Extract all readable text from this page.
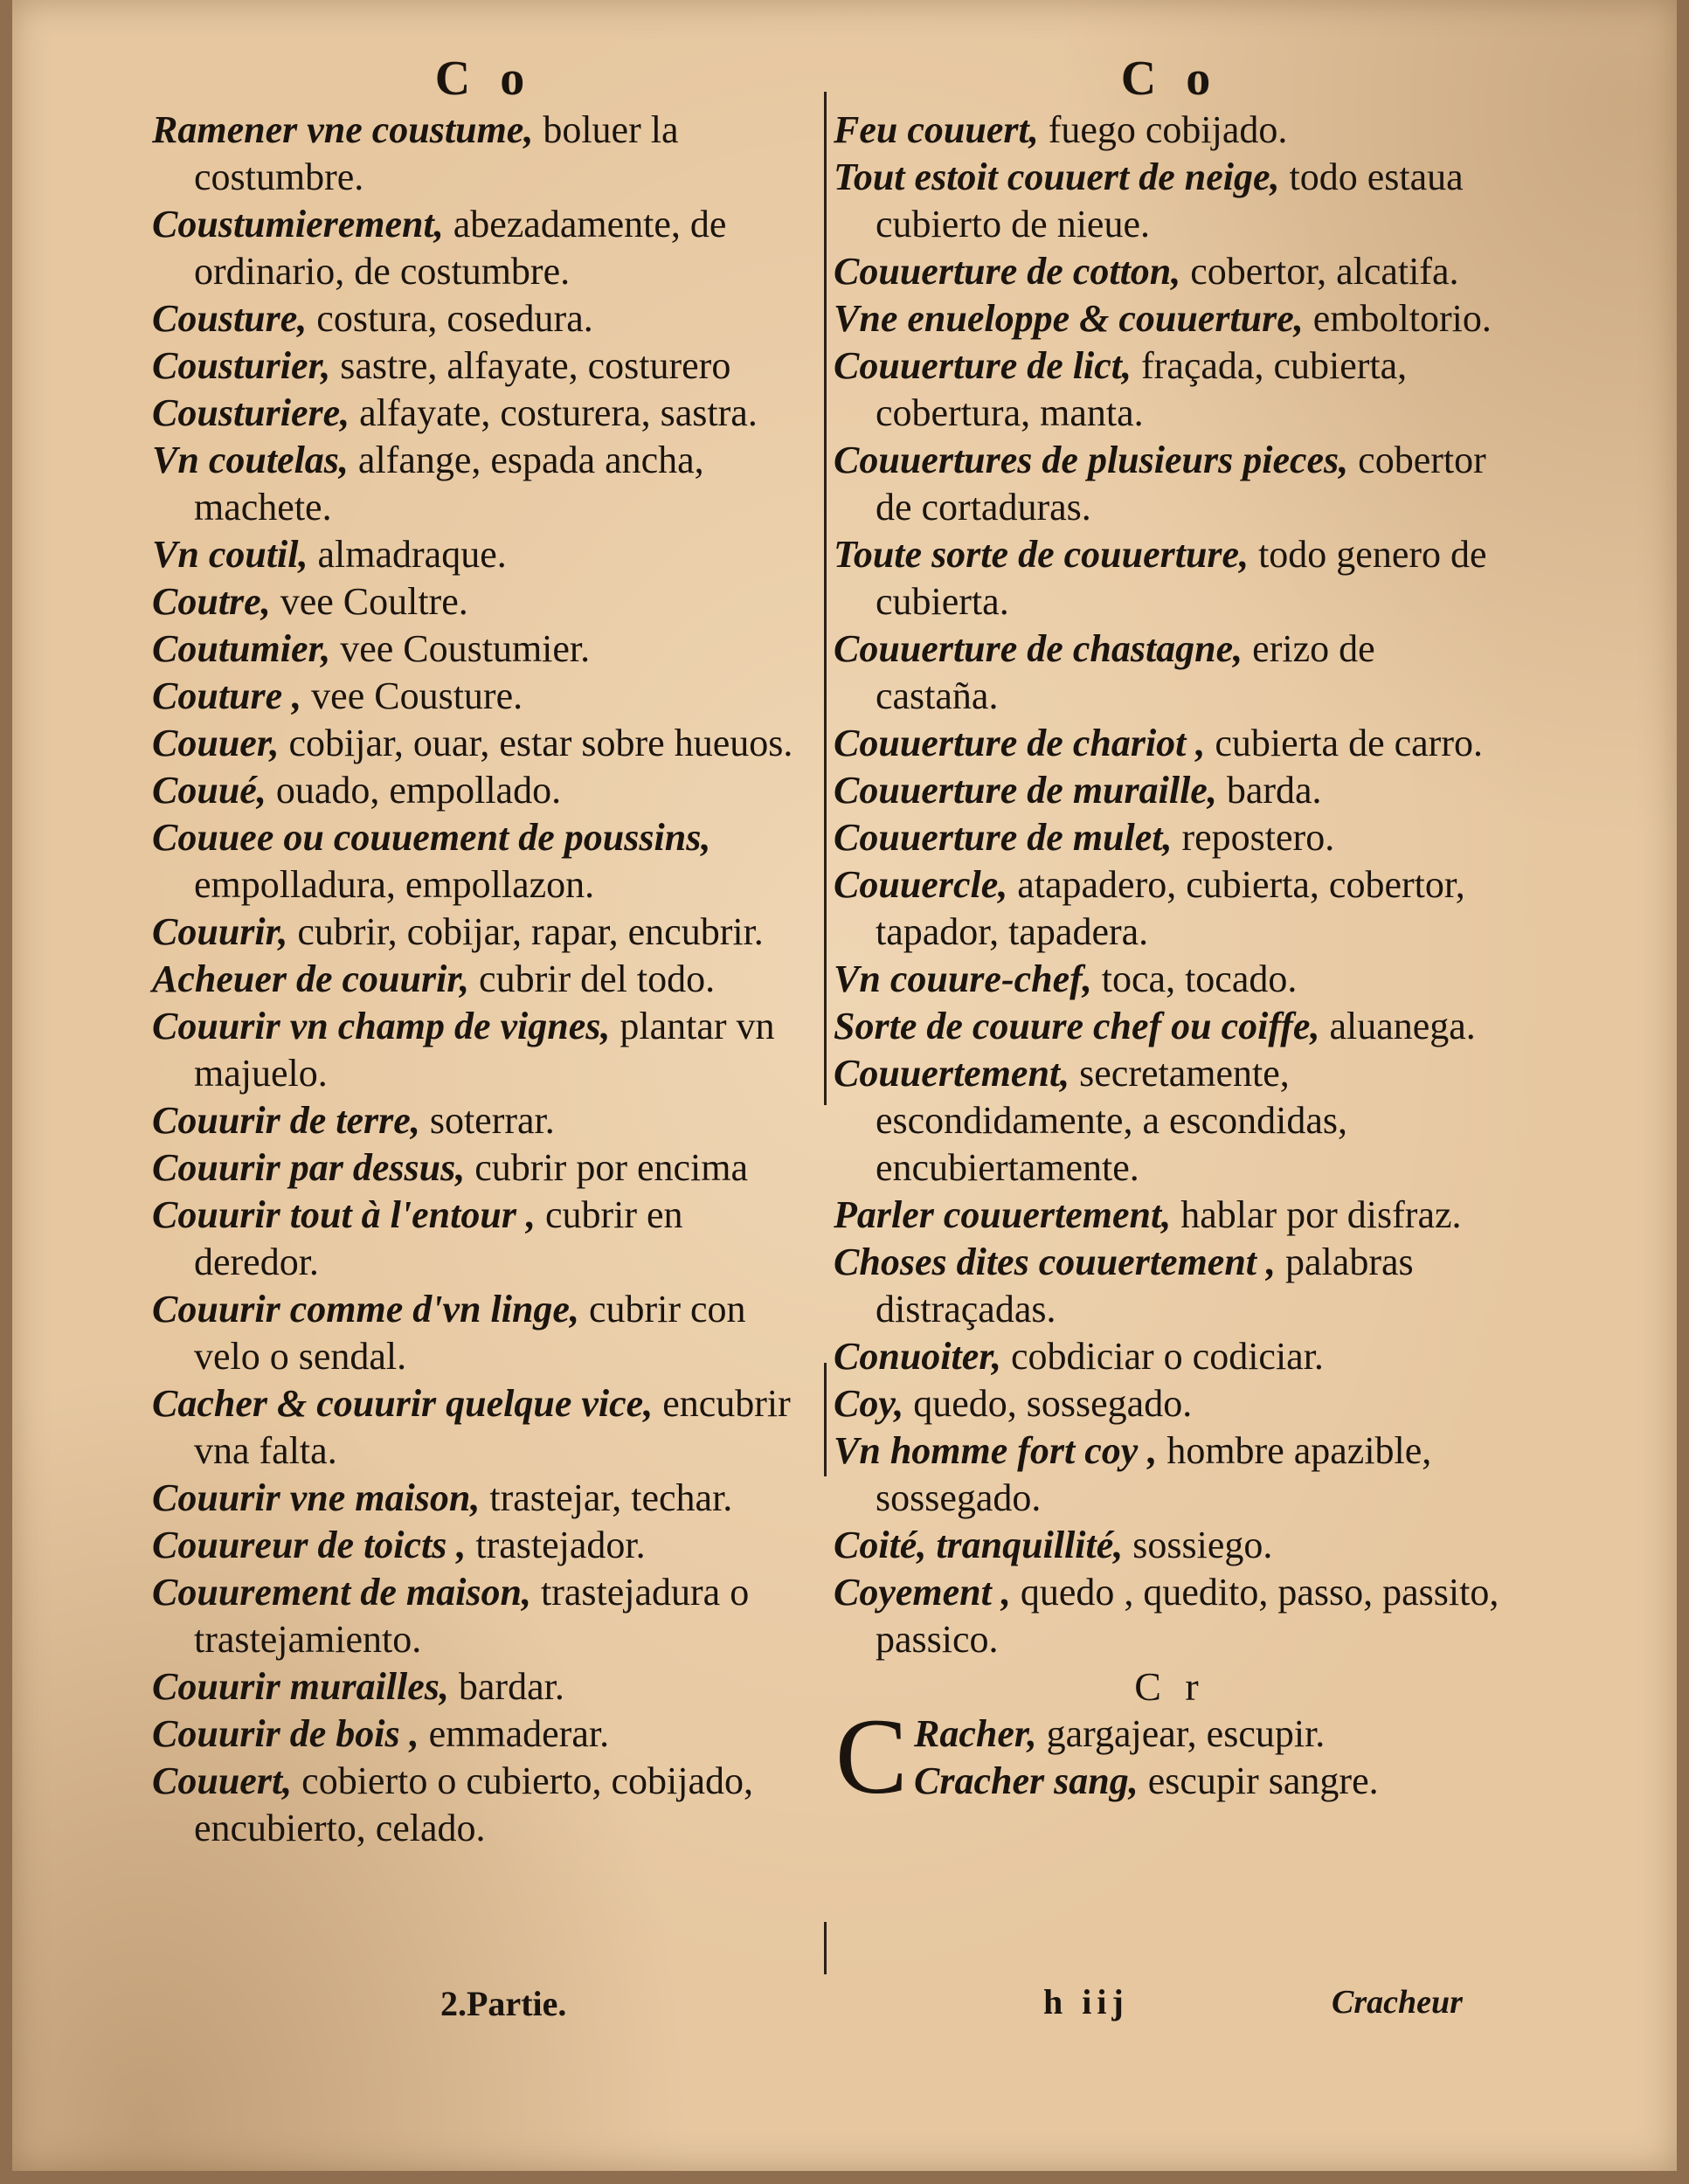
C o
Ramener vne coustume, boluer la costumbre.
Coustumierement, abezadamente, de ordinario, de costumbre.
Cousture, costura, cosedura.
Cousturier, sastre, alfayate, costurero
Cousturiere, alfayate, costurera, sastra.
Vn coutelas, alfange, espada ancha, machete.
Vn coutil, almadraque.
Coutre, vee Coultre.
Coutumier, vee Coustumier.
Couture , vee Cousture.
Couuer, cobijar, ouar, estar sobre hueuos.
Couué, ouado, empollado.
Couuee ou couuement de poussins, empolladura, empollazon.
Couurir, cubrir, cobijar, rapar, encubrir.
Acheuer de couurir, cubrir del todo.
Couurir vn champ de vignes, plantar vn majuelo.
Couurir de terre, soterrar.
Couurir par dessus, cubrir por encima
Couurir tout à l'entour , cubrir en deredor.
Couurir comme d'vn linge, cubrir con velo o sendal.
Cacher & couurir quelque vice, encubrir vna falta.
Couurir vne maison, trastejar, techar.
Couureur de toicts , trastejador.
Couurement de maison, trastejadura o trastejamiento.
Couurir murailles, bardar.
Couurir de bois , emmaderar.
Couuert, cobierto o cubierto, cobijado, encubierto, celado.
C o
Feu couuert, fuego cobijado.
Tout estoit couuert de neige, todo estaua cubierto de nieue.
Couuerture de cotton, cobertor, alcatifa.
Vne enueloppe & couuerture, emboltorio.
Couuerture de lict, fraçada, cubierta, cobertura, manta.
Couuertures de plusieurs pieces, cobertor de cortaduras.
Toute sorte de couuerture, todo genero de cubierta.
Couuerture de chastagne, erizo de castaña.
Couuerture de chariot , cubierta de carro.
Couuerture de muraille, barda.
Couuerture de mulet, repostero.
Couuercle, atapadero, cubierta, cobertor, tapador, tapadera.
Vn couure-chef, toca, tocado.
Sorte de couure chef ou coiffe, aluanega.
Couuertement, secretamente, escondidamente, a escondidas, encubiertamente.
Parler couuertement, hablar por disfraz.
Choses dites couuertement , palabras distraçadas.
Conuoiter, cobdiciar o codiciar.
Coy, quedo, sossegado.
Vn homme fort coy , hombre apazible, sossegado.
Coité, tranquillité, sossiego.
Coyement , quedo , quedito, passo, passito, passico.
C r
C Racher, gargajear, escupir.
Cracher sang, escupir sangre.
2.Partie.	h iij	Cracheur
